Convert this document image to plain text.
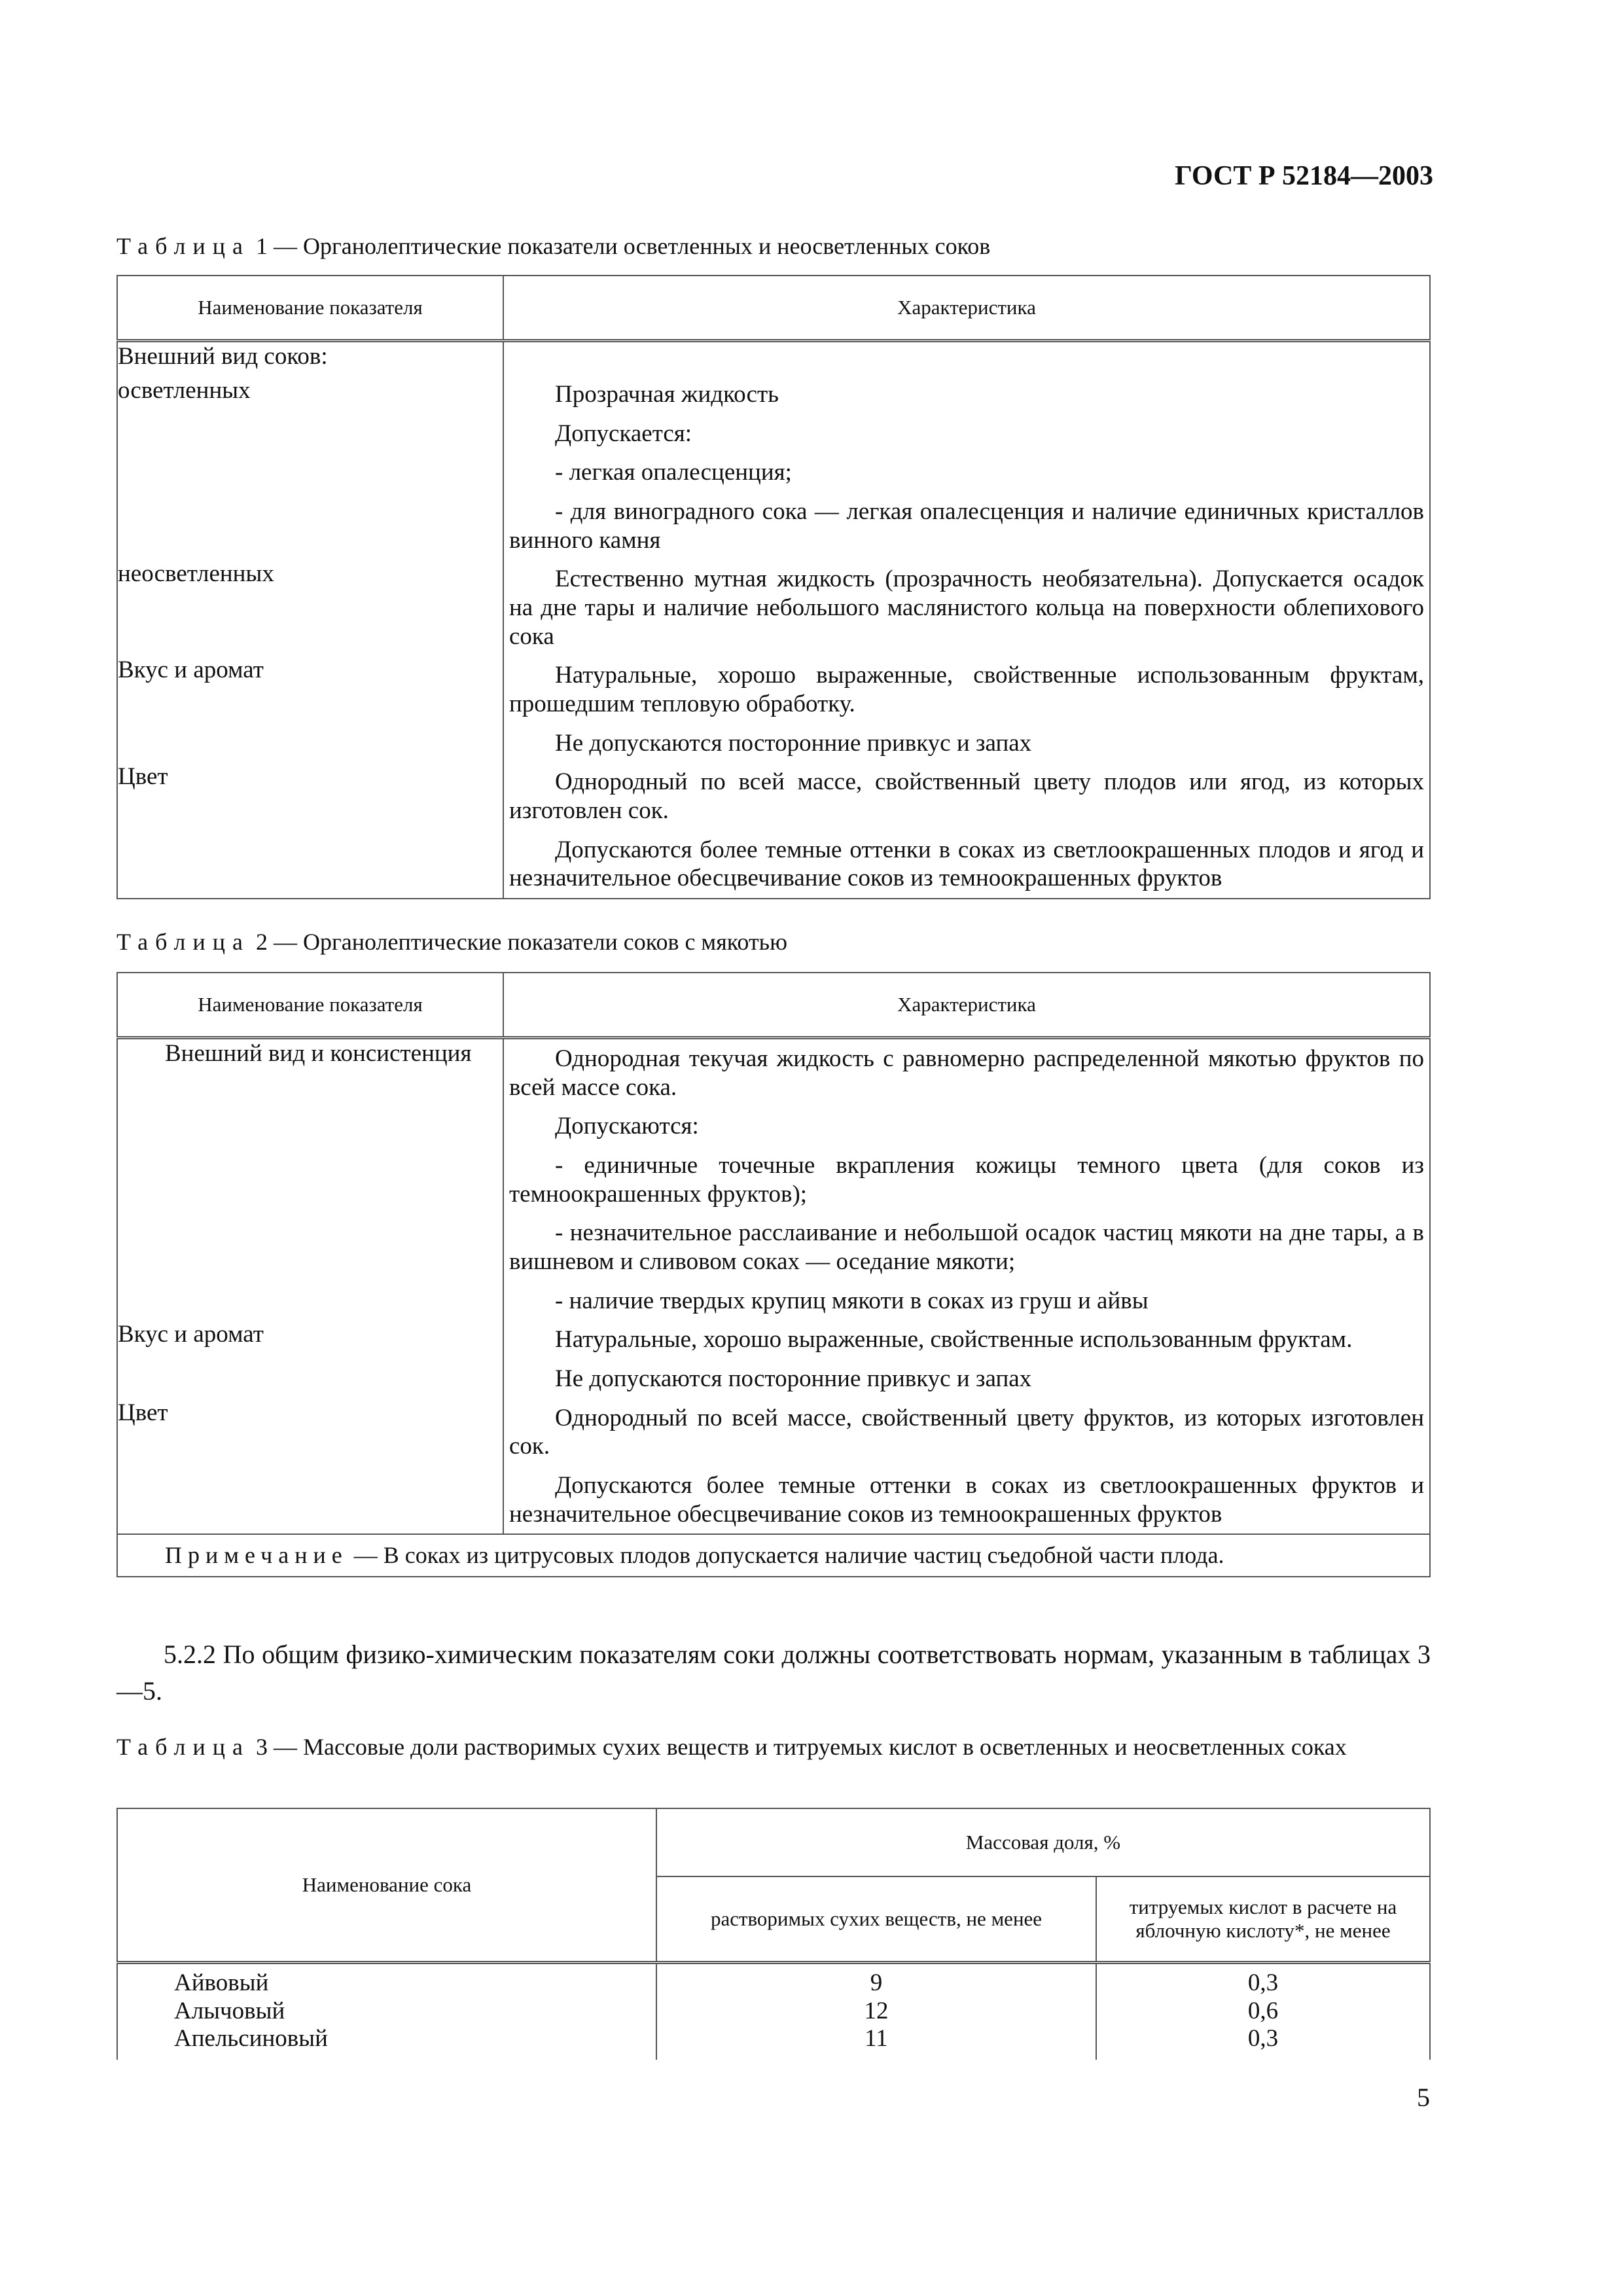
ГОСТ Р 52184—2003
Таблица 1 — Органолептические показатели осветленных и неосветленных соков
Наименование показателя	Характеристика
Внешний вид соков:	
осветленных	Прозрачная жидкость

Допускается:

- легкая опалесценция;

- для виноградного сока — легкая опалесценция и наличие единичных кристаллов винного камня

неосветленных	Естественно мутная жидкость (прозрачность необязательна). Допускается осадок на дне тары и наличие небольшого маслянистого кольца на поверхности облепихового сока

Вкус и аромат	Натуральные, хорошо выраженные, свойственные использованным фруктам, прошедшим тепловую обработку.

Не допускаются посторонние привкус и запах

Цвет	Однородный по всей массе, свойственный цвету плодов или ягод, из которых изготовлен сок.

Допускаются более темные оттенки в соках из светлоокрашенных плодов и ягод и незначительное обесцвечивание соков из темноокрашенных фруктов

Таблица 2 — Органолептические показатели соков с мякотью
Наименование показателя	Характеристика
Внешний вид и консистенция	Однородная текучая жидкость с равномерно распределенной мякотью фруктов по всей массе сока.

Допускаются:

- единичные точечные вкрапления кожицы темного цвета (для соков из темноокрашенных фруктов);

- незначительное расслаивание и небольшой осадок частиц мякоти на дне тары, а в вишневом и сливовом соках — оседание мякоти;

- наличие твердых крупиц мякоти в соках из груш и айвы

Вкус и аромат	Натуральные, хорошо выраженные, свойственные использованным фруктам.

Не допускаются посторонние привкус и запах

Цвет	Однородный по всей массе, свойственный цвету фруктов, из которых изготовлен сок.

Допускаются более темные оттенки в соках из светлоокрашенных фруктов и незначительное обесцвечивание соков из темноокрашенных фруктов

Примечание — В соках из цитрусовых плодов допускается наличие частиц съедобной части плода.	
5.2.2 По общим физико-химическим показателям соки должны соответствовать нормам, указанным в таблицах 3—5.
Таблица 3 — Массовые доли растворимых сухих веществ и титруемых кислот в осветленных и неосветленных соках
Наименование сока	Массовая доля, %	
	растворимых сухих веществ, не менее	титруемых кислот в расчете на яблочную кислоту*, не менее
Айвовый	9	0,3
Алычовый	12	0,6
Апельсиновый	11	0,3
5
